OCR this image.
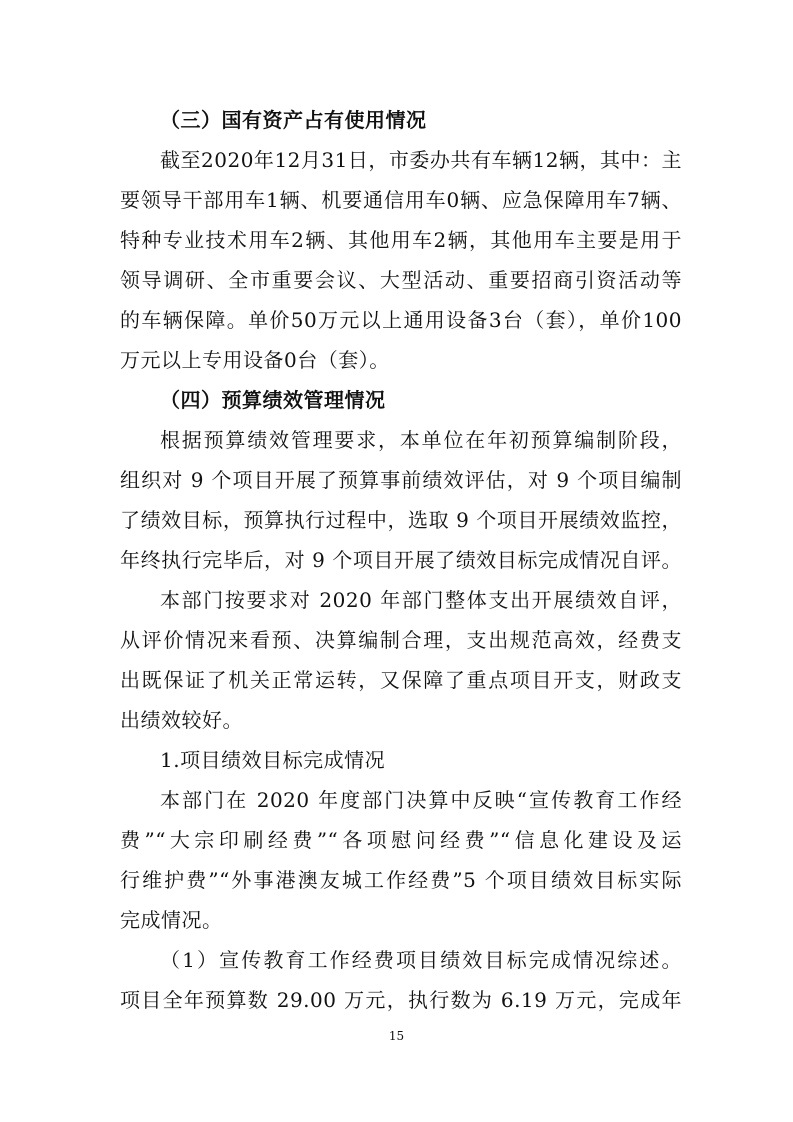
（三）国有资产占有使用情况
截至2020年12月31日，市委办共有车辆12辆，其中：主
要领导干部用车1辆、机要通信用车0辆、应急保障用车7辆、
特种专业技术用车2辆、其他用车2辆，其他用车主要是用于
领导调研、全市重要会议、大型活动、重要招商引资活动等
的车辆保障。单价50万元以上通用设备3台（套），单价100
万元以上专用设备0台（套）。
（四）预算绩效管理情况
根据预算绩效管理要求，本单位在年初预算编制阶段，
组织对 9 个项目开展了预算事前绩效评估，对 9 个项目编制
了绩效目标，预算执行过程中，选取 9 个项目开展绩效监控，
年终执行完毕后，对 9 个项目开展了绩效目标完成情况自评。
本部门按要求对 2020 年部门整体支出开展绩效自评，
从评价情况来看预、决算编制合理，支出规范高效，经费支
出既保证了机关正常运转，又保障了重点项目开支，财政支
出绩效较好。
1.项目绩效目标完成情况
本部门在 2020 年度部门决算中反映“宣传教育工作经
费”“大宗印刷经费”“各项慰问经费”“信息化建设及运
行维护费”“外事港澳友城工作经费”5 个项目绩效目标实际
完成情况。
（1）宣传教育工作经费项目绩效目标完成情况综述。
项目全年预算数 29.00 万元，执行数为 6.19 万元，完成年
15
